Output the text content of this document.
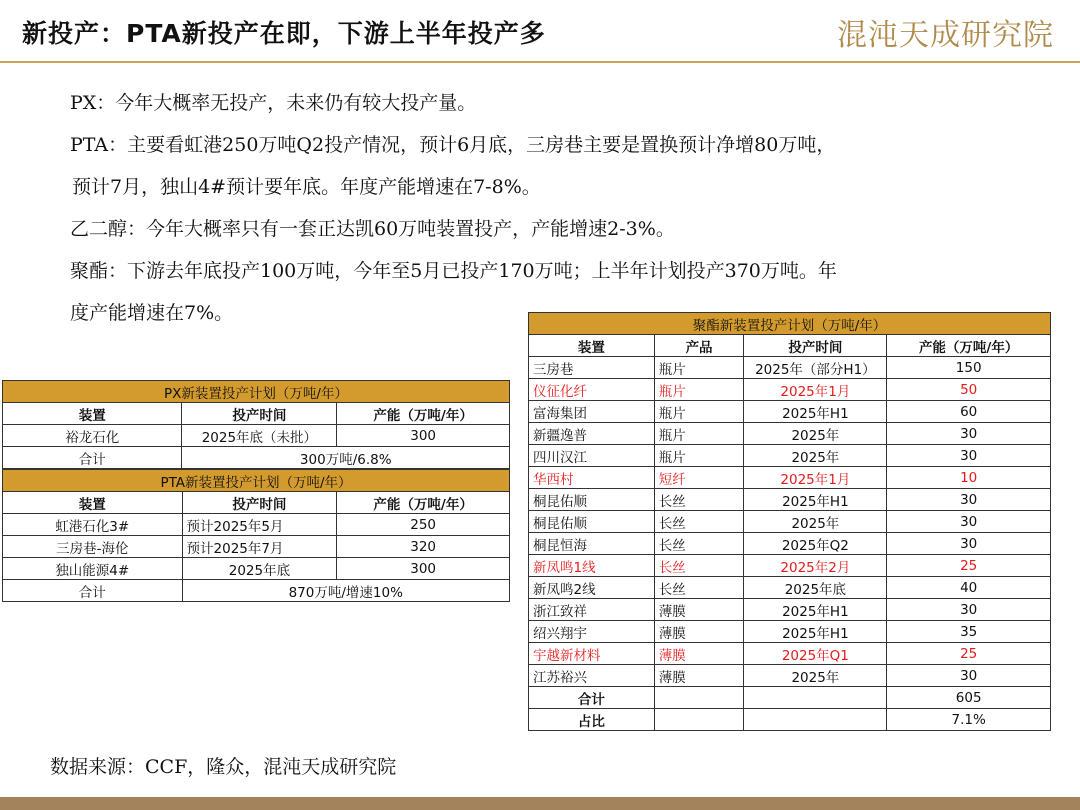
新投产：PTA新投产在即，下游上半年投产多	混沌天成研究院

PX：今年大概率无投产，未来仍有较大投产量。

PTA：主要看虹港250万吨Q2投产情况，预计6月底，三房巷主要是置换预计净增80万吨，

预计7月，独山4#预计要年底。年度产能增速在7-8%。

乙二醇：今年大概率只有一套正达凯60万吨装置投产，产能增速2-3%。

聚酯：下游去年底投产100万吨，今年至5月已投产170万吨；上半年计划投产370万吨。年

度产能增速在7%。

PX新装置投产计划（万吨/年）		
装置	投产时间	产能（万吨/年）
裕龙石化	2025年底（未批）	300
合计	300万吨/6.8%	
PTA新装置投产计划（万吨/年）		
装置	投产时间	产能（万吨/年）
虹港石化3#	预计2025年5月	250
三房巷-海伦	预计2025年7月	320
独山能源4#	2025年底	300
合计	870万吨/增速10%	
聚酯新装置投产计划（万吨/年）			
装置	产品	投产时间	产能（万吨/年）
三房巷	瓶片	2025年（部分H1）	150
仪征化纤	瓶片	2025年1月	50
富海集团	瓶片	2025年H1	60
新疆逸普	瓶片	2025年	30
四川汉江	瓶片	2025年	30
华西村	短纤	2025年1月	10
桐昆佑顺	长丝	2025年H1	30
桐昆佑顺	长丝	2025年	30
桐昆恒海	长丝	2025年Q2	30
新凤鸣1线	长丝	2025年2月	25
新凤鸣2线	长丝	2025年底	40
浙江致祥	薄膜	2025年H1	30
绍兴翔宇	薄膜	2025年H1	35
宇越新材料	薄膜	2025年Q1	25
江苏裕兴	薄膜	2025年	30
合计			605
占比			7.1%
数据来源：CCF，隆众，混沌天成研究院
